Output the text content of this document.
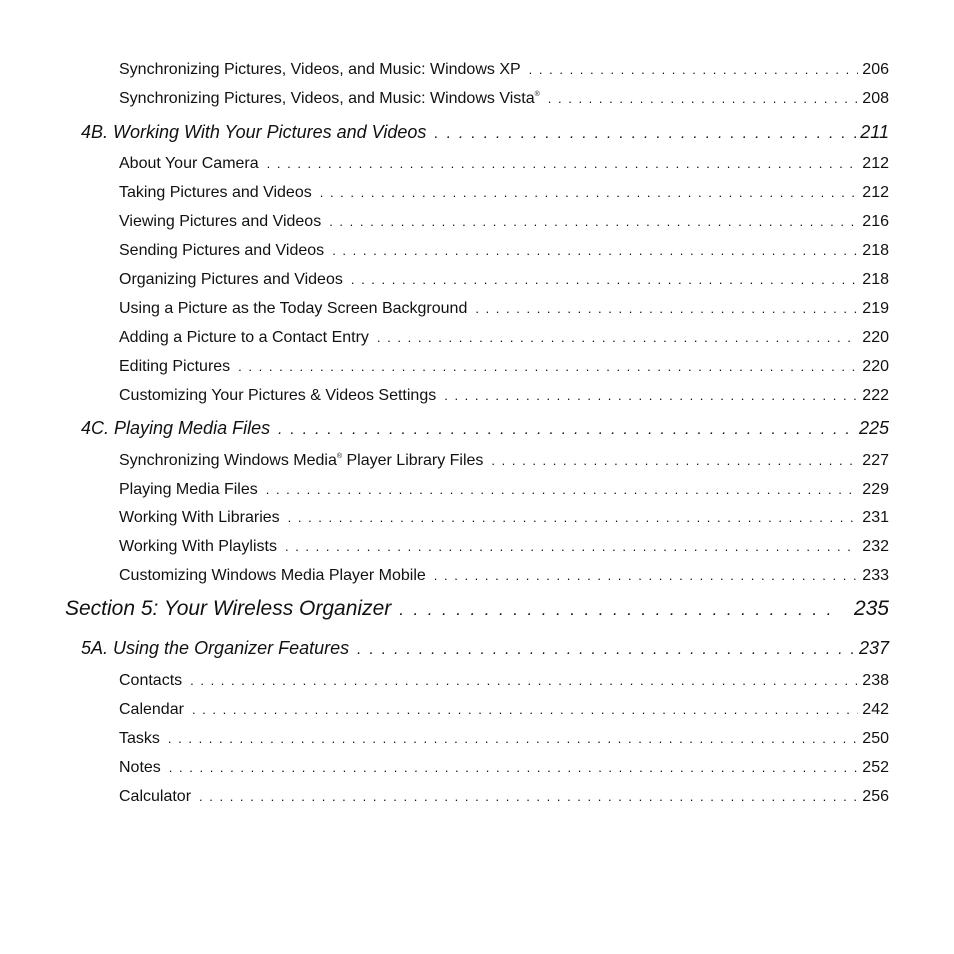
Synchronizing Pictures, Videos, and Music: Windows XP . . .	206
Synchronizing Pictures, Videos, and Music: Windows Vista® . . .	208
4B. Working With Your Pictures and Videos . . .	211
About Your Camera . . .	212
Taking Pictures and Videos . . .	212
Viewing Pictures and Videos . . .	216
Sending Pictures and Videos . . .	218
Organizing Pictures and Videos . . .	218
Using a Picture as the Today Screen Background . . .	219
Adding a Picture to a Contact Entry . . .	220
Editing Pictures . . .	220
Customizing Your Pictures & Videos Settings . . .	222
4C. Playing Media Files . . .	225
Synchronizing Windows Media® Player Library Files . . .	227
Playing Media Files . . .	229
Working With Libraries . . .	231
Working With Playlists . . .	232
Customizing Windows Media Player Mobile . . .	233
Section 5: Your Wireless Organizer . . .	235
5A. Using the Organizer Features . . .	237
Contacts . . .	238
Calendar . . .	242
Tasks . . .	250
Notes . . .	252
Calculator . . .	256
